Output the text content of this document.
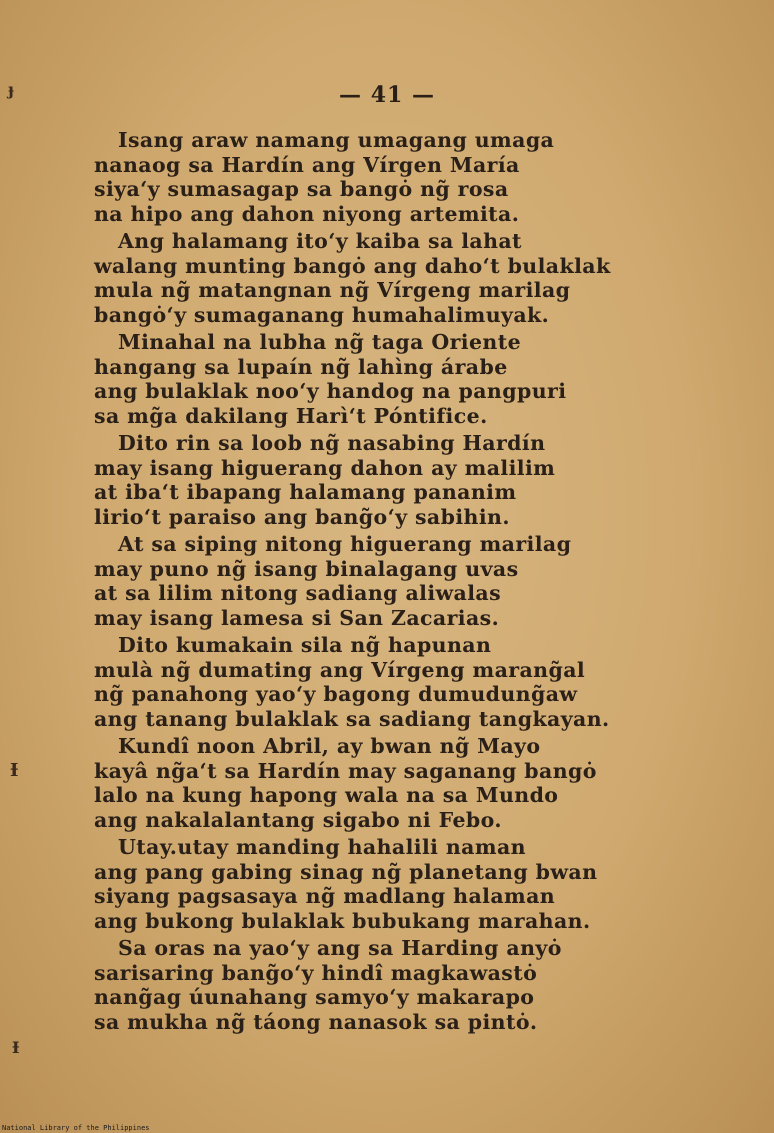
— 41 —
ɟ
Ɨ
Ɨ
Isang araw namang umagang umaga
nanaog sa Hardín ang Vírgen María
siya‘y sumasagap sa bangȯ ng̃ rosa
na hipo ang dahon niyong artemita.
Ang halamang ito‘y kaiba sa lahat
walang munting bangȯ ang daho‘t bulaklak
mula ng̃ matangnan ng̃ Vírgeng marilag
bangȯ‘y sumaganang humahalimuyak.
Minahal na lubha ng̃ taga Oriente
hangang sa lupaín ng̃ lahìng árabe
ang bulaklak noo‘y handog na pangpuri
sa mg̃a dakilang Harì‘t Póntifice.
Dito rin sa loob ng̃ nasabing Hardín
may isang higuerang dahon ay malilim
at iba‘t ibapang halamang pananim
lirio‘t paraiso ang bang̃o‘y sabihin.
At sa siping nitong higuerang marilag
may puno ng̃ isang binalagang uvas
at sa lilim nitong sadiang aliwalas
may isang lamesa si San Zacarias.
Dito kumakain sila ng̃ hapunan
mulà ng̃ dumating ang Vírgeng marang̃al
ng̃ panahong yao‘y bagong dumudung̃aw
ang tanang bulaklak sa sadiang tangkayan.
Kundî noon Abril, ay bwan ng̃ Mayo
kayâ ng̃a‘t sa Hardín may saganang bangȯ
lalo na kung hapong wala na sa Mundo
ang nakalalantang sigabo ni Febo.
Utay.utay manding hahalili naman
ang pang gabing sinag ng̃ planetang bwan
siyang pagsasaya ng̃ madlang halaman
ang bukong bulaklak bubukang marahan.
Sa oras na yao‘y ang sa Harding anyȯ
sarisaring bang̃o‘y hindî magkawastȯ
nang̃ag úunahang samyo‘y makarapo
sa mukha ng̃ táong nanasok sa pintȯ.
National Library of the Philippines
